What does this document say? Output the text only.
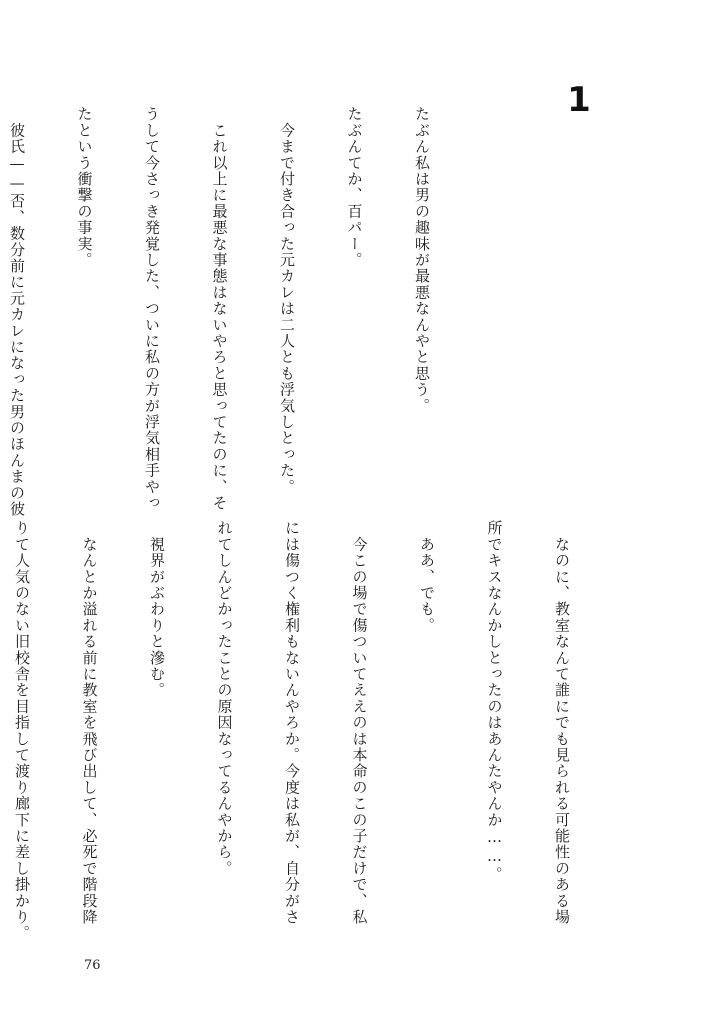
1

たぶん私は男の趣味が最悪なんやと思う。

たぶんてか、百パー。

　今まで付き合った元カレは二人とも浮気しとった。

　これ以上に最悪な事態はないやろと思ってたのに、そ

うして今さっき発覚した、ついに私の方が浮気相手やっ

たという衝撃の事実。

　彼氏——否、数分前に元カレになった男のほんまの彼

　なのに、教室なんて誰にでも見られる可能性のある場

所でキスなんかしとったのはあんたやんか……。

　ああ、でも。

　今この場で傷ついてええのは本命のこの子だけで、私

には傷つく権利もないんやろか。今度は私が、自分がさ

れてしんどかったことの原因なってるんやから。

　視界がぶわりと滲む。

　なんとか溢れる前に教室を飛び出して、必死で階段降

りて人気のない旧校舎を目指して渡り廊下に差し掛かり。

76
